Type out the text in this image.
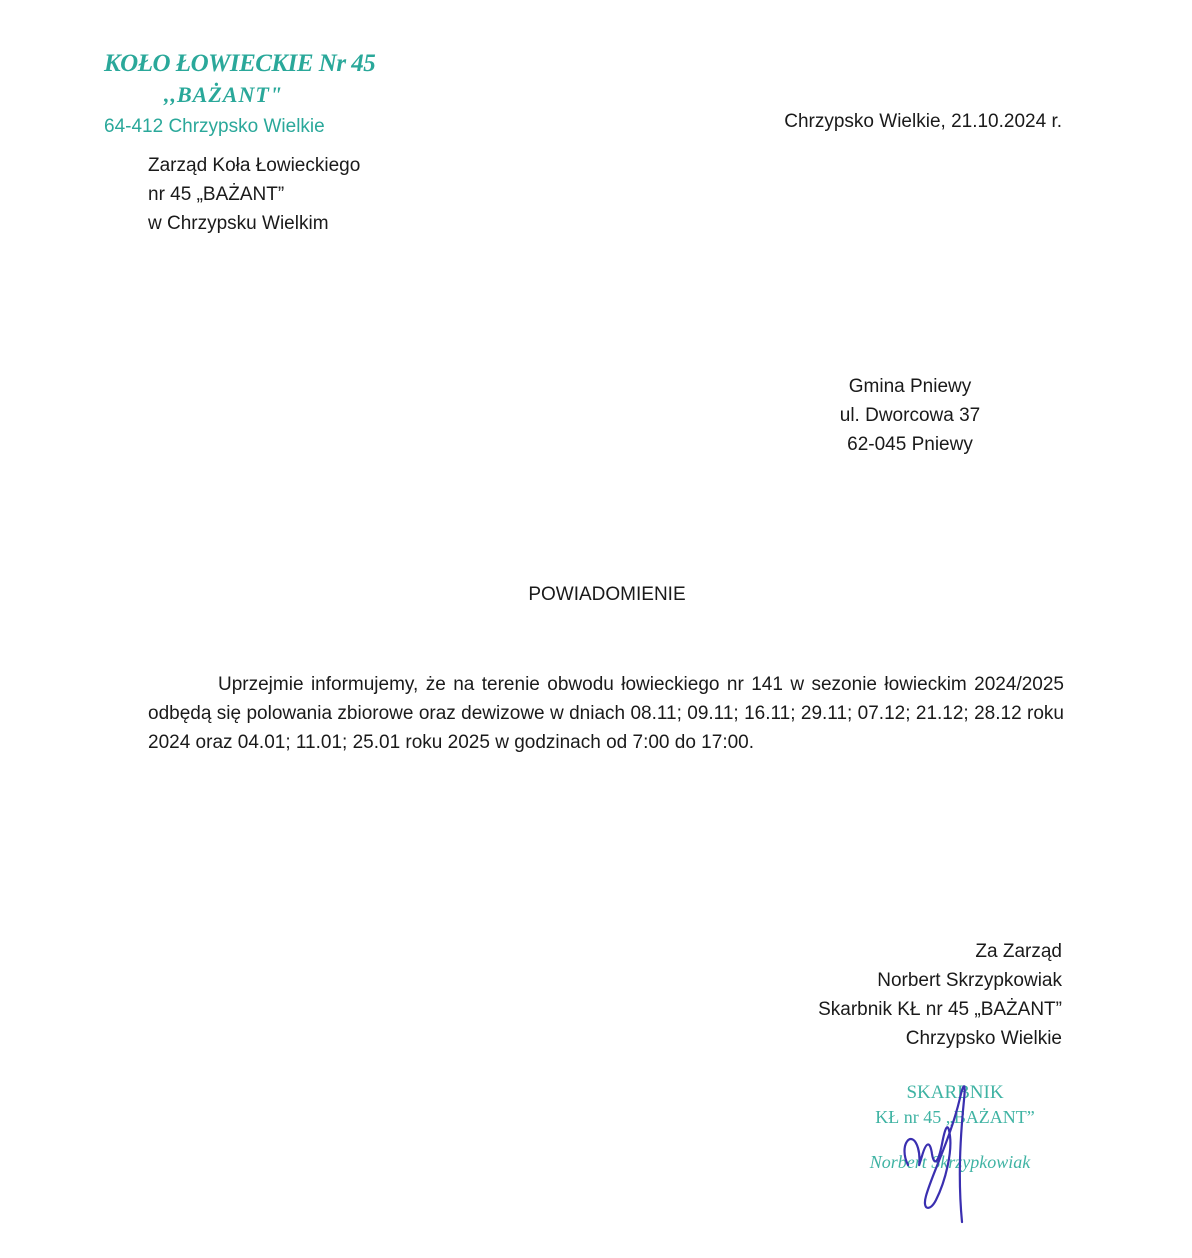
KOŁO ŁOWIECKIE Nr 45
,,BAŻANT"
64-412 Chrzypsko Wielkie
Zarząd Koła Łowieckiego
nr 45 „BAŻANT”
w Chrzypsku Wielkim
Chrzypsko Wielkie, 21.10.2024 r.
Gmina Pniewy
ul. Dworcowa 37
62-045 Pniewy
POWIADOMIENIE
Uprzejmie informujemy, że na terenie obwodu łowieckiego nr 141 w sezonie łowieckim 2024/2025 odbędą się polowania zbiorowe oraz dewizowe w dniach 08.11; 09.11; 16.11; 29.11; 07.12; 21.12; 28.12 roku 2024 oraz 04.01; 11.01; 25.01 roku 2025 w godzinach od 7:00 do 17:00.
Za Zarząd
Norbert Skrzypkowiak
Skarbnik KŁ nr 45 „BAŻANT”
Chrzypsko Wielkie
SKARBNIK
KŁ nr 45 „BAŻANT”
Norbert Skrzypkowiak
